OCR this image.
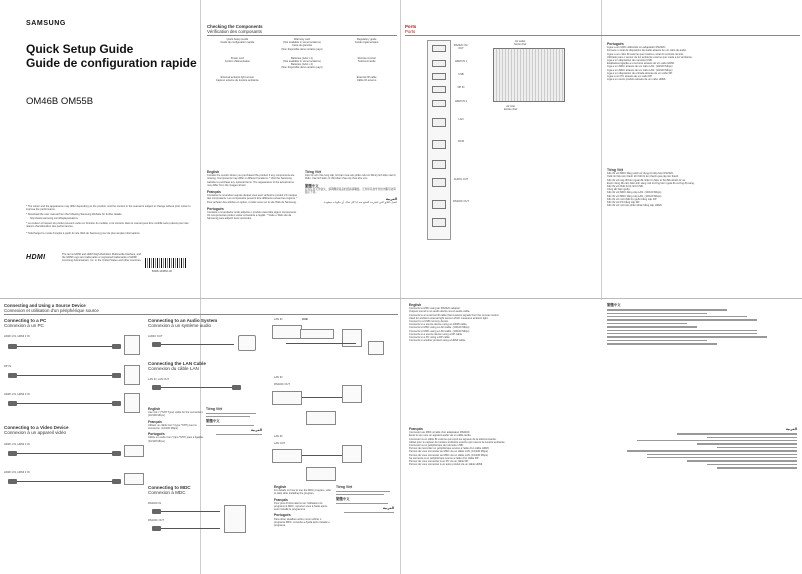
SAMSUNG
Quick Setup Guide
Guide de configuration rapide
OM46B OM55B
* The colour and the appearance may differ depending on the product, and the content in the manual is subject to change without prior notice to improve the performance.
* Download the user manual from the following Samsung Website for further details.
http://www.samsung.com/displaysolutions
* La couleur et l'aspect du produit peuvent varier en fonction du modèle, et le contenu dans le manuel peut être modifié sans préavis pour des raisons d'amélioration des performances.
* Téléchargez le mode d'emploi à partir du site Web de Samsung pour de plus amples informations.
HDMI	The terms HDMI and HDMI High-Definition Multimedia Interface, and the HDMI Logo are trademarks or registered trademarks of HDMI Licensing Administrator, Inc. in the United States and other countries.
BN68-14086F-00
Checking the Components
Vérification des composants
Quick Setup Guide
Guide de configuration rapide
Warranty card
(Not available in some locations)
Carte de garantie
(Non disponible dans certains pays)
Regulatory guide
Guide réglementaire
Power cord
Cordon d'alimentation
Batteries (AAA x 2)
(Not available in some locations)
Batteries (AAA x 2)
(Non disponible dans certains pays)
Remote Control
Télécommande
External ambient light sensor
Capteur externe de lumière ambiante
External IR cable
Câble IR externe
English
Contact the vendor where you purchased the product if any components are missing. Components may differ in different locations. * Visit the Samsung website to purchase any optional items. The appearance of the actual items may differ from the images shown.
Français
Contactez le revendeur auprès duquel vous avez acheté le produit s'il manque des composants. Les composants peuvent être différents suivant les régions. * Pour acheter des articles en option, rendez-vous sur le site Web de Samsung.
Português
Contacte o revendedor onde adquiriu o produto caso falte algum componente. Os componentes podem variar consoante a região. * Visite o Web site da Samsung para adquirir itens opcionais.
Tiếng Việt
Liên hệ với nhà cung cấp nơi bạn mua sản phẩm nếu có bất kỳ linh kiện nào bị thiếu. Các linh kiện có thể khác nhau tùy theo khu vực.
繁體中文
若有任何元件缺失，請與購買產品的經銷商聯絡。元件和其他零件的外觀可能與圖示不同。
العربية
اتصل بالبائع الذي اشتريت المنتج منه إذا كان هناك أي مكونات مفقودة.
Ports
Ports
RS232C IN / OUT
HDMI IN 1
USB
DP IN
HDMI IN 2
LAN
RJ45
AUDIO OUT
RS232C OUT
Air outlet
Sortie d'air
Air inlet
Entrée d'air
Português
Ligue a um MDC utilizando um adaptador RS232C.
Fornece o sinal de dispositivo de áudio através de um cabo de áudio.
Ligue a um cabo IR externo que receba o sinal do controlo remoto.
Utilizado para o sensor de luz ambiente externo que mede a luz ambiente.
Liga a um dispositivo de memória USB.
Estabelece ligação a uma fonte através de um cabo HDMI.
Liga a um MDC através de um cabo LAN. (10/100 Mbps)
Liga a um MDC através de um cabo LAN. (10/100 Mbps)
Liga a um dispositivo de entrada através de um cabo DP.
Ligue a um PC através de um cabo DP.
Liga a um outro produto através de um cabo HDMI.
Tiếng Việt
Kết nối với MDC bằng cách sử dụng bộ tiếp hợp RS232C.
Xuất tín hiệu âm thanh tới thiết bị âm thanh qua cáp âm thanh.
Kết nối với cáp IR bên ngoài để nhận tín hiệu từ bộ điều khiển từ xa.
Được dùng để cảm biến ánh sáng môi trường bên ngoài đo cường độ sáng.
Kết nối với thiết bị bộ nhớ USB.
Công tắc bật nguồn.
Kết nối với MDC bằng cáp LAN. (10/100 Mbps)
Kết nối với MDC bằng cáp LAN. (10/100 Mbps)
Kết nối với một thiết bị nguồn bằng cáp DP.
Kết nối với PC bằng cáp DP.
Kết nối với một sản phẩm khác bằng cáp HDMI.
Connecting and Using a Source Device
Connexion et utilisation d'un périphérique source
Connecting to a PC
Connexion à un PC
HDMI 1 IN, HDMI 2 IN
DP IN
HDMI 1 IN, HDMI 2 IN
Connecting to a Video Device
Connexion à un appareil vidéo
HDMI 1 IN, HDMI 2 IN
HDMI 1 IN, HDMI 2 IN
Connecting to an Audio System
Connexion à un système audio
AUDIO OUT
Connecting the LAN Cable
Connexion du câble LAN
LAN IN, LAN OUT
English
Use Cat 7 (*STP Type) cable for the connection. (10/100 Mbps)
Français
Utilisez un câble Cat 7 (type *STP) pour la connexion. (10/100 Mbps)
Português
Utilize um cabo Cat 7 (tipo *STP) para a ligação. (10/100 Mbps)
Tiếng Việt
繁體中文
العربية
Connecting to MDC
Connexion à MDC
RS232C IN
RS232C OUT
LAN IN	HUB
LAN IN
RS232C OUT
LAN IN
LAN OUT
English
For details on how to use the MDC program, refer to Help after installing the program.
Français
Pour plus d'informations sur l'utilisation du programme MDC, reportez-vous à l'aide après avoir installé le programme.
Português
Para obter detalhes sobre como utilizar o programa MDC, consulte a Ajuda após instalar o programa.
Tiếng Việt
繁體中文
العربية
English
Connects to MDC using an RS232C adapter.
Outputs sound to an audio device via an audio cable.
Connects to an external IR cable that receives signals from the remote control.
Used for ambient external light sensor which measures ambient light.
Connect to a USB memory device.
Connects to a source device using an HDMI cable.
Connects to MDC using a LAN cable. (10/100 Mbps)
Connects to MDC using a LAN cable. (10/100 Mbps)
Connects to a source device using a DP cable.
Connects to a PC using a DP cable.
Connects to another product using a HDMI cable.
繁體中文
Français
Connexion au MDC à l'aide d'un adaptateur RS232C.
Émet le son vers un appareil audio via un câble audio.
Connexion à un câble IR externe qui reçoit les signaux de la télécommande.
Utilisé pour le capteur de lumière ambiante externe qui mesure la lumière ambiante.
Connexion à un périphérique de mémoire USB.
Permet de raccorder un périphérique source à l'aide d'un câble HDMI.
Permet de vous connecter au MDC via un câble LAN. (10/100 Mbps)
Permet de vous connecter au MDC via un câble LAN. (10/100 Mbps)
Se connecte à un périphérique source à l'aide d'un câble DP.
Permet de vous connecter à un PC via un câble DP.
Permet de vous connecter à un autre produit via un câble HDMI.
العربية
